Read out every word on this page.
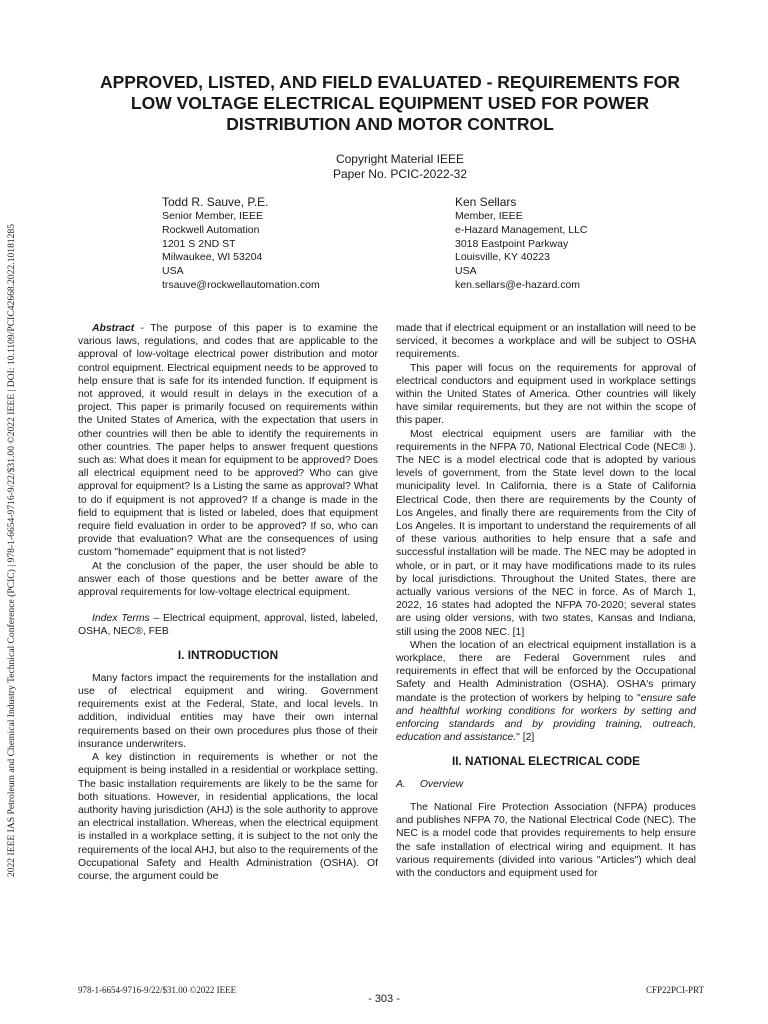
2022 IEEE IAS Petroleum and Chemical Industry Technical Conference (PCIC) | 978-1-6654-9716-9/22/$31.00 ©2022 IEEE | DOI: 10.1109/PCIC42668.2022.10181285
APPROVED, LISTED, AND FIELD EVALUATED - REQUIREMENTS FOR
LOW VOLTAGE ELECTRICAL EQUIPMENT USED FOR POWER
DISTRIBUTION AND MOTOR CONTROL
Copyright Material IEEE
Paper No. PCIC-2022-32
Todd R. Sauve, P.E.
Senior Member, IEEE
Rockwell Automation
1201 S 2ND ST
Milwaukee, WI 53204
USA
trsauve@rockwellautomation.com
Ken Sellars
Member, IEEE
e-Hazard Management, LLC
3018 Eastpoint Parkway
Louisville, KY 40223
USA
ken.sellars@e-hazard.com

Abstract - The purpose of this paper is to examine the various laws, regulations, and codes that are applicable to the approval of low-voltage electrical power distribution and motor control equipment. Electrical equipment needs to be approved to help ensure that is safe for its intended function. If equipment is not approved, it would result in delays in the execution of a project. This paper is primarily focused on requirements within the United States of America, with the expectation that users in other countries will then be able to identify the requirements in other countries. The paper helps to answer frequent questions such as: What does it mean for equipment to be approved? Does all electrical equipment need to be approved? Who can give approval for equipment? Is a Listing the same as approval? What to do if equipment is not approved? If a change is made in the field to equipment that is listed or labeled, does that equipment require field evaluation in order to be approved? If so, who can provide that evaluation? What are the consequences of using custom "homemade" equipment that is not listed?

At the conclusion of the paper, the user should be able to answer each of those questions and be better aware of the approval requirements for low-voltage electrical equipment.

Index Terms – Electrical equipment, approval, listed, labeled, OSHA, NEC®, FEB

I. INTRODUCTION

Many factors impact the requirements for the installation and use of electrical equipment and wiring. Government requirements exist at the Federal, State, and local levels. In addition, individual entities may have their own internal requirements based on their own procedures plus those of their insurance underwriters.

A key distinction in requirements is whether or not the equipment is being installed in a residential or workplace setting. The basic installation requirements are likely to be the same for both situations. However, in residential applications, the local authority having jurisdiction (AHJ) is the sole authority to approve an electrical installation. Whereas, when the electrical equipment is installed in a workplace setting, it is subject to the not only the requirements of the local AHJ, but also to the requirements of the Occupational Safety and Health Administration (OSHA). Of course, the argument could be

made that if electrical equipment or an installation will need to be serviced, it becomes a workplace and will be subject to OSHA requirements.

This paper will focus on the requirements for approval of electrical conductors and equipment used in workplace settings within the United States of America. Other countries will likely have similar requirements, but they are not within the scope of this paper.

Most electrical equipment users are familiar with the requirements in the NFPA 70, National Electrical Code (NEC® ). The NEC is a model electrical code that is adopted by various levels of government, from the State level down to the local municipality level. In California, there is a State of California Electrical Code, then there are requirements by the County of Los Angeles, and finally there are requirements from the City of Los Angeles. It is important to understand the requirements of all of these various authorities to help ensure that a safe and successful installation will be made. The NEC may be adopted in whole, or in part, or it may have modifications made to its rules by local jurisdictions. Throughout the United States, there are actually various versions of the NEC in force. As of March 1, 2022, 16 states had adopted the NFPA 70-2020; several states are using older versions, with two states, Kansas and Indiana, still using the 2008 NEC. [1]

When the location of an electrical equipment installation is a workplace, there are Federal Government rules and requirements in effect that will be enforced by the Occupational Safety and Health Administration (OSHA). OSHA's primary mandate is the protection of workers by helping to "ensure safe and healthful working conditions for workers by setting and enforcing standards and by providing training, outreach, education and assistance." [2]

II. NATIONAL ELECTRICAL CODE
A. Overview

The National Fire Protection Association (NFPA) produces and publishes NFPA 70, the National Electrical Code (NEC). The NEC is a model code that provides requirements to help ensure the safe installation of electrical wiring and equipment. It has various requirements (divided into various "Articles") which deal with the conductors and equipment used for

978-1-6654-9716-9/22/$31.00 ©2022 IEEE	CFP22PCI-PRT
- 303 -
